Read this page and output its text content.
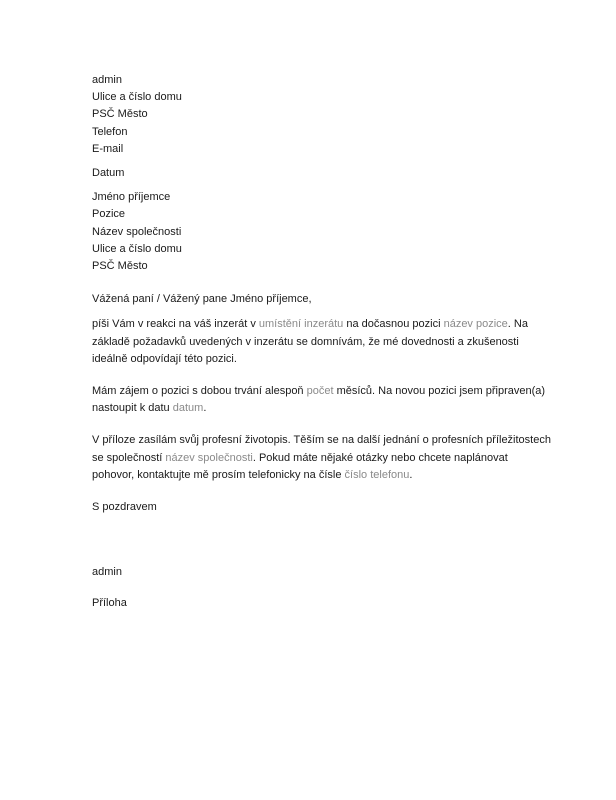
admin
Ulice a číslo domu
PSČ Město
Telefon
E-mail
Datum
Jméno příjemce
Pozice
Název společnosti
Ulice a číslo domu
PSČ Město
Vážená paní / Vážený pane Jméno příjemce,
píši Vám v reakci na váš inzerát v umístění inzerátu na dočasnou pozici název pozice. Na
základě požadavků uvedených v inzerátu se domnívám, že mé dovednosti a zkušenosti
ideálně odpovídají této pozici.
Mám zájem o pozici s dobou trvání alespoň počet měsíců. Na novou pozici jsem připraven(a)
nastoupit k datu datum.
V příloze zasílám svůj profesní životopis. Těším se na další jednání o profesních příležitostech
se společností název společnosti. Pokud máte nějaké otázky nebo chcete naplánovat
pohovor, kontaktujte mě prosím telefonicky na čísle číslo telefonu.
S pozdravem
admin
Příloha
